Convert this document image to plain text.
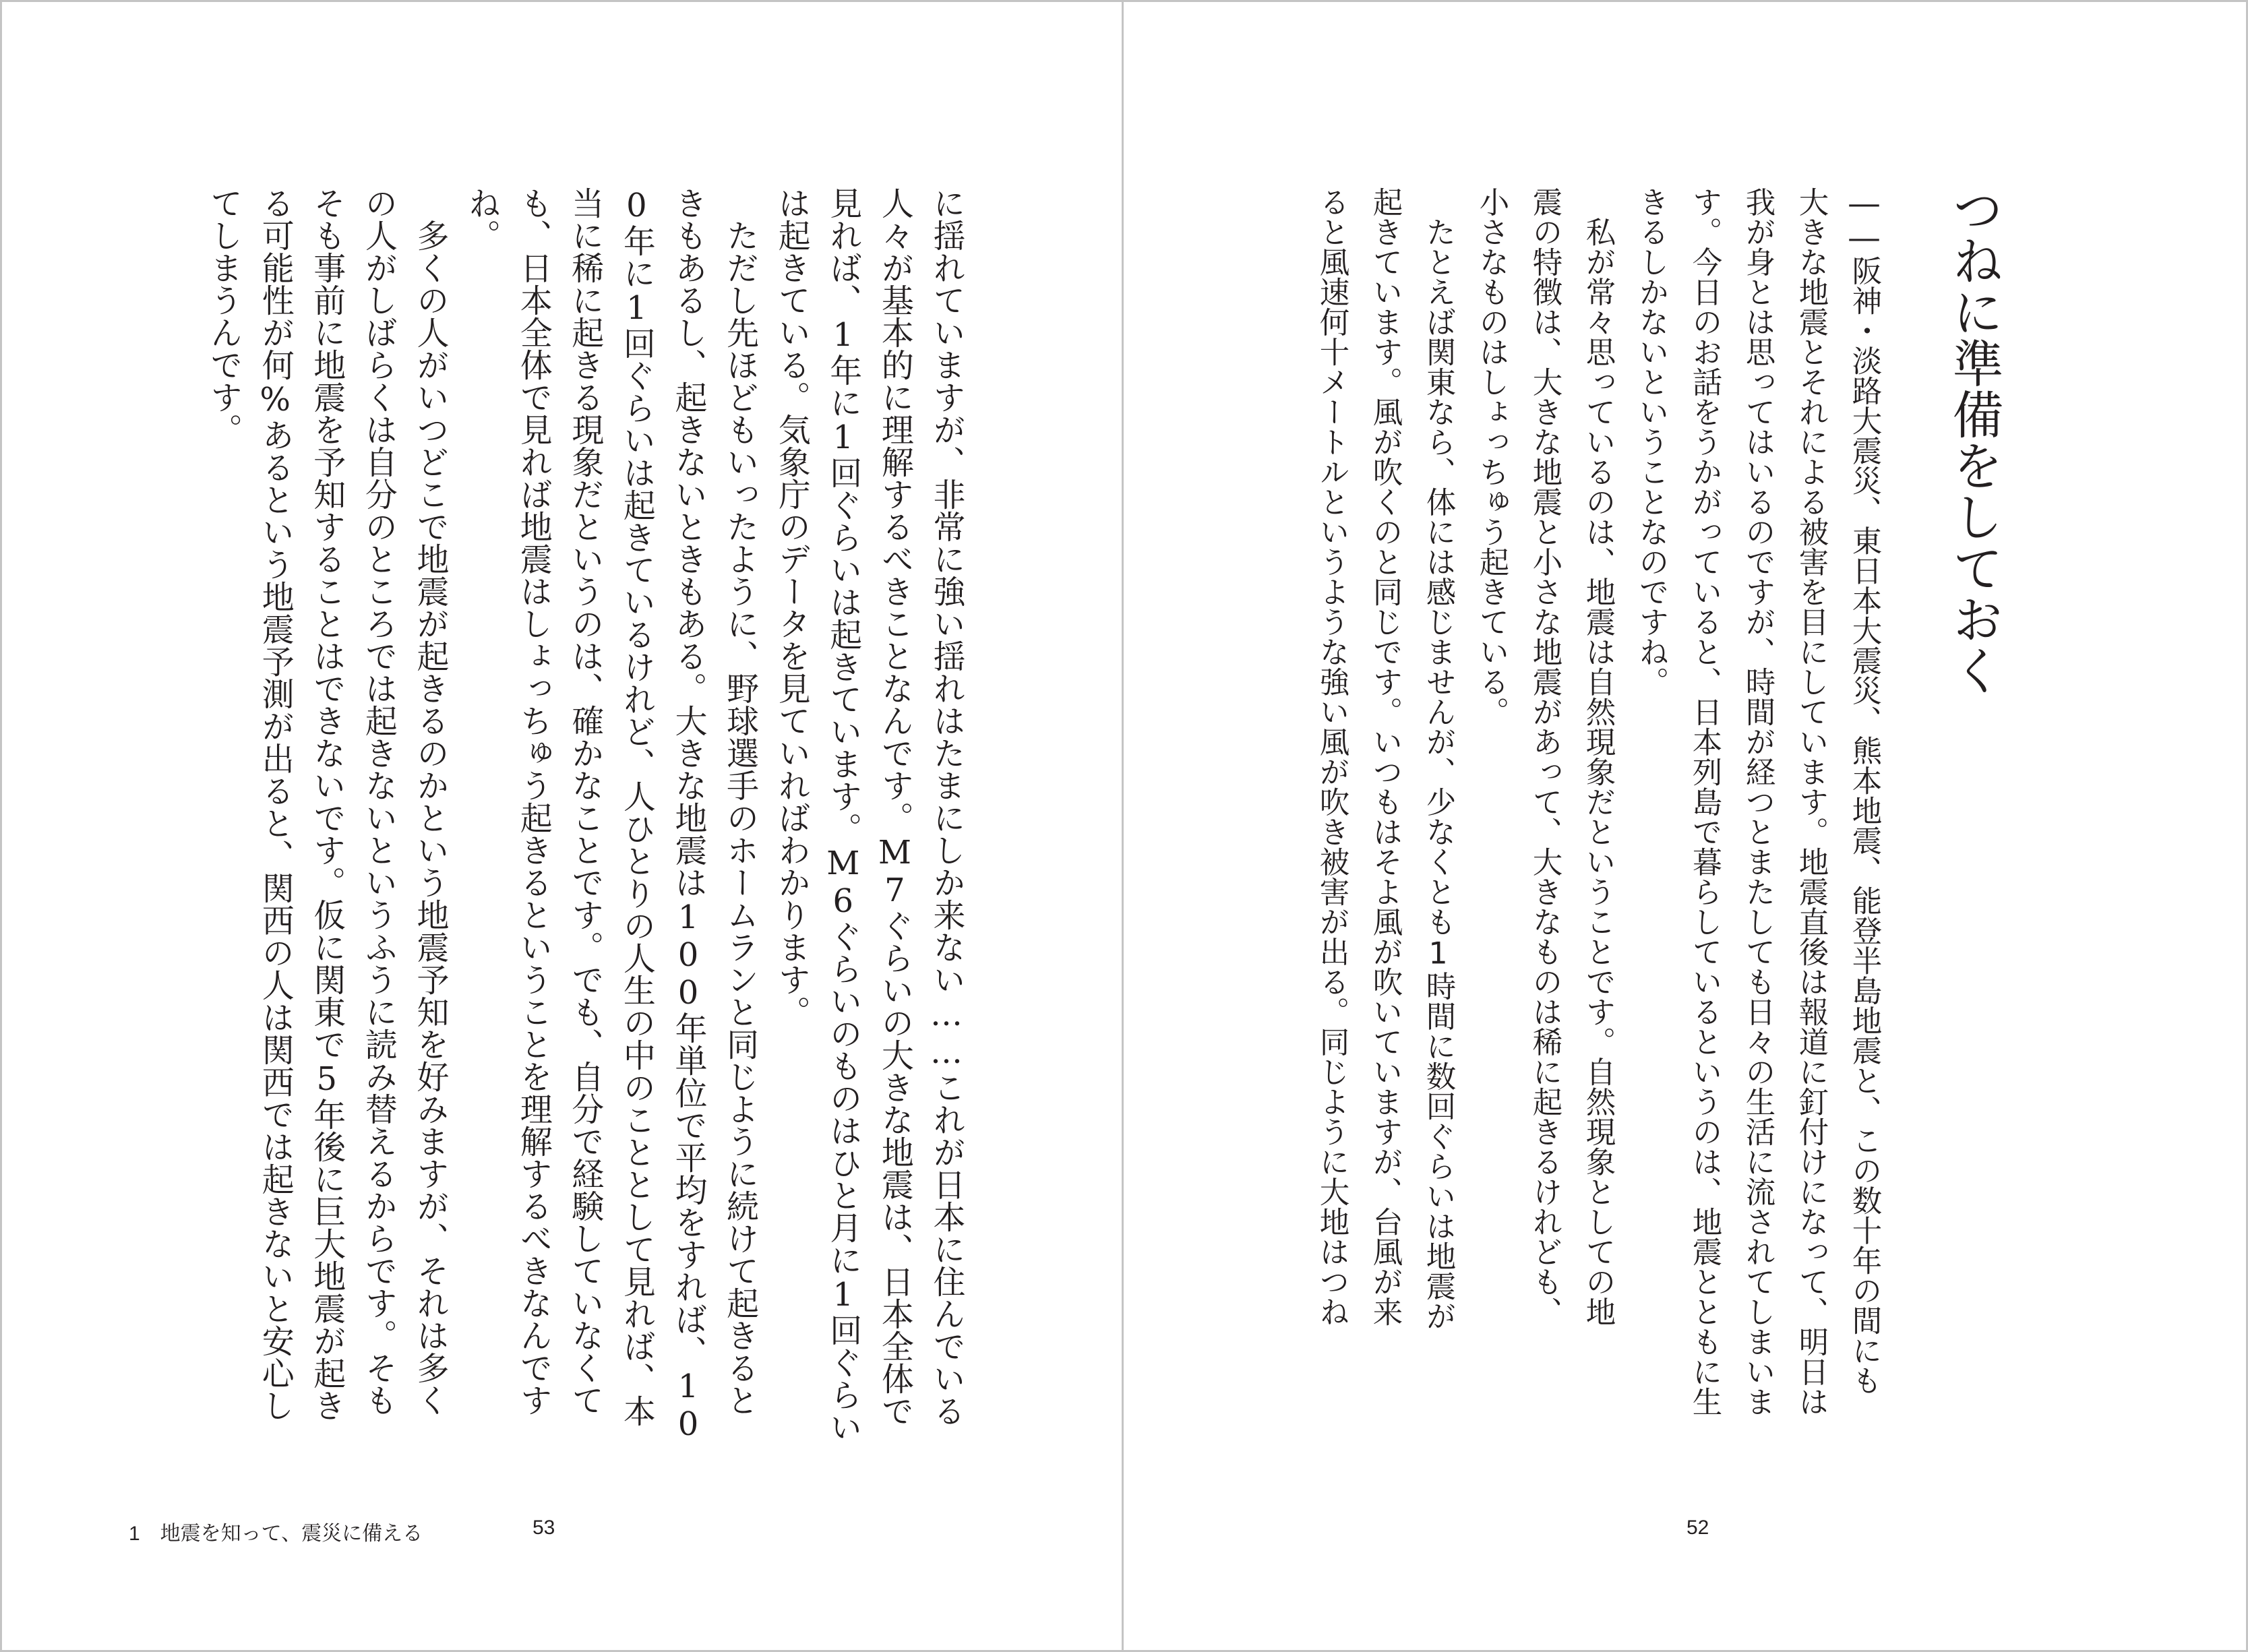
つねに準備をしておく
――阪神・淡路大震災、東日本大震災、熊本地震、能登半島地震と、この数十年の間にも
大きな地震とそれによる被害を目にしています。地震直後は報道に釘付けになって、明日は
我が身とは思ってはいるのですが、時間が経つとまたしても日々の生活に流されてしまいま
す。今日のお話をうかがっていると、日本列島で暮らしているというのは、地震とともに生
きるしかないということなのですね。
　私が常々思っているのは、地震は自然現象だということです。自然現象としての地
震の特徴は、大きな地震と小さな地震があって、大きなものは稀に起きるけれども、
小さなものはしょっちゅう起きている。
　たとえば関東なら、体には感じませんが、少なくとも1時間に数回ぐらいは地震が
起きています。風が吹くのと同じです。いつもはそよ風が吹いていますが、台風が来
ると風速何十メートルというような強い風が吹き被害が出る。同じように大地はつね
に揺れていますが、非常に強い揺れはたまにしか来ない……これが日本に住んでいる
人々が基本的に理解するべきことなんです。M7ぐらいの大きな地震は、日本全体で
見れば、1年に1回ぐらいは起きています。M6ぐらいのものはひと月に1回ぐらい
は起きている。気象庁のデータを見ていればわかります。
　ただし先ほどもいったように、野球選手のホームランと同じように続けて起きると
きもあるし、起きないときもある。大きな地震は100年単位で平均をすれば、10
0年に1回ぐらいは起きているけれど、人ひとりの人生の中のこととして見れば、本
当に稀に起きる現象だというのは、確かなことです。でも、自分で経験していなくて
も、日本全体で見れば地震はしょっちゅう起きるということを理解するべきなんです
ね。
　多くの人がいつどこで地震が起きるのかという地震予知を好みますが、それは多く
の人がしばらくは自分のところでは起きないというふうに読み替えるからです。そも
そも事前に地震を予知することはできないです。仮に関東で5年後に巨大地震が起き
る可能性が何%あるという地震予測が出ると、関西の人は関西では起きないと安心し
てしまうんです。
1　地震を知って、震災に備える	53	52
